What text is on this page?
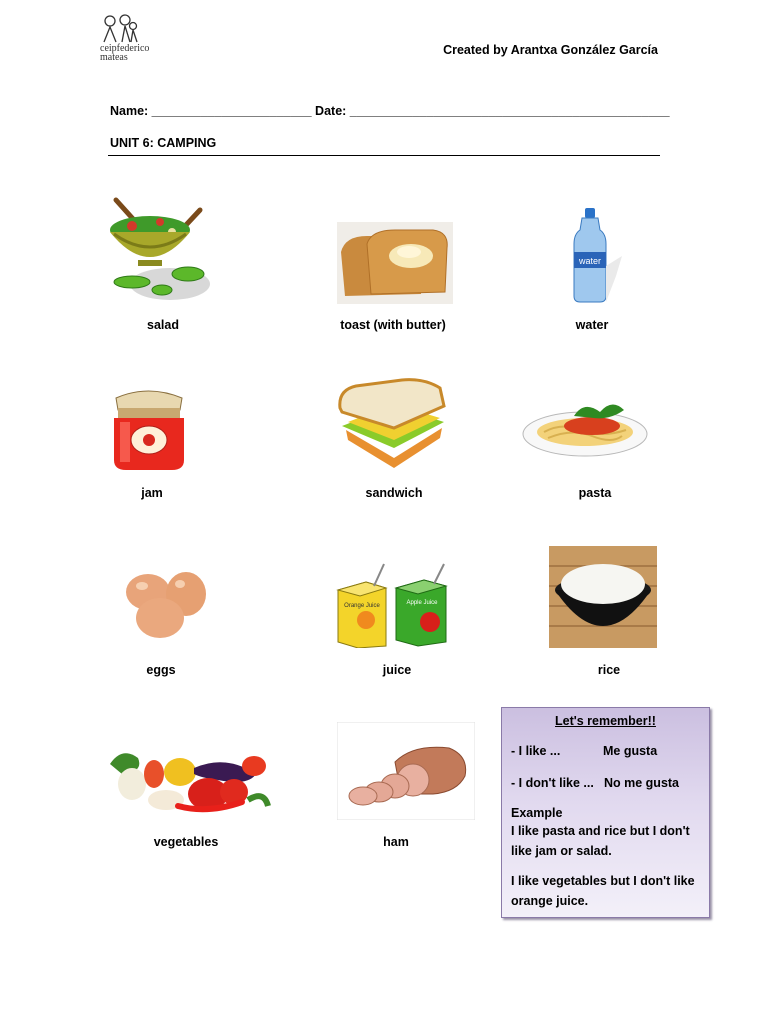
ceipfederico
mateas
Created by Arantxa González García
Name: _______________________ Date: ______________________________________________
UNIT 6: CAMPING
salad	toast (with butter)
water
water
jam	sandwich	pasta
eggs
Orange Juice	Apple Juice
juice	rice
vegetables	ham
Let's remember!!
- I like ...	Me gusta
- I don't like ... No me gusta
Example
I like pasta and rice but I don't like jam or salad.
I like vegetables but I don't like orange juice.
